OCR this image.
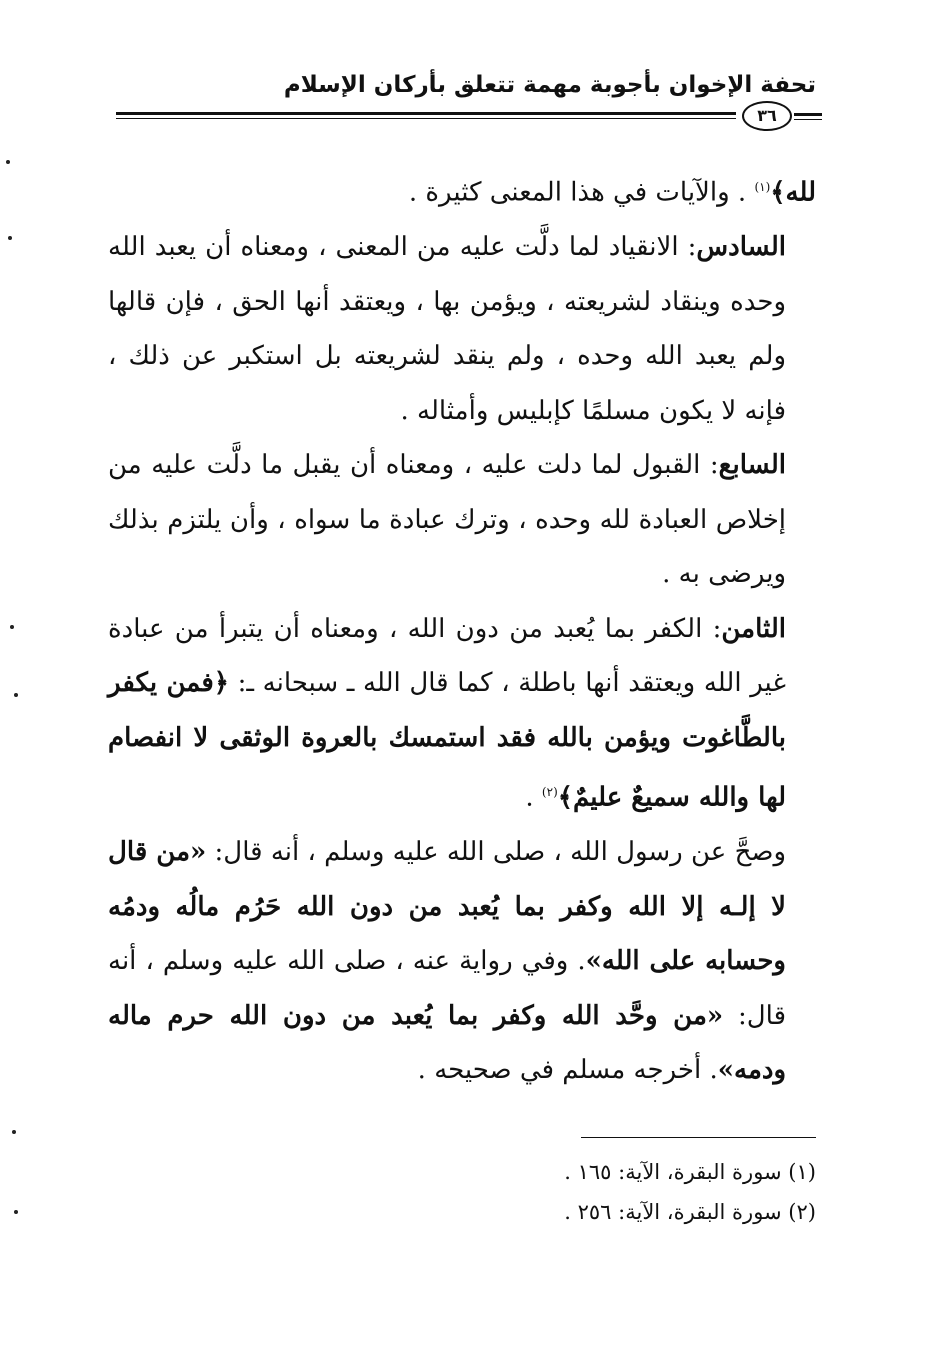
تحفة الإخوان بأجوبة مهمة تتعلق بأركان الإسلام
٣٦

لله﴾$^{(١)}$ . والآيات في هذا المعنى كثيرة .

السادس: الانقياد لما دلَّت عليه من المعنى ، ومعناه أن يعبد الله وحده وينقاد لشريعته ، ويؤمن بها ، ويعتقد أنها الحق ، فإن قالها ولم يعبد الله وحده ، ولم ينقد لشريعته بل استكبر عن ذلك ، فإنه لا يكون مسلمًا كإبليس وأمثاله .

السابع: القبول لما دلت عليه ، ومعناه أن يقبل ما دلَّت عليه من إخلاص العبادة لله وحده ، وترك عبادة ما سواه ، وأن يلتزم بذلك ويرضى به .

الثامن: الكفر بما يُعبد من دون الله ، ومعناه أن يتبرأ من عبادة غير الله ويعتقد أنها باطلة ، كما قال الله ـ سبحانه ـ: ﴿فمن يكفر بالطَّاغوت ويؤمن بالله فقد استمسك بالعروة الوثقى لا انفصام لها والله سميعٌ عليمٌ﴾$^{(٢)}$ .

وصحَّ عن رسول الله ، صلى الله عليه وسلم ، أنه قال: «من قال لا إلـه إلا الله وكفر بما يُعبد من دون الله حَرُم مالُه ودمُه وحسابه على الله». وفي رواية عنه ، صلى الله عليه وسلم ، أنه قال: «من وحَّد الله وكفر بما يُعبد من دون الله حرم ماله ودمه». أخرجه مسلم في صحيحه .

(١) سورة البقرة، الآية: ١٦٥ .
(٢) سورة البقرة، الآية: ٢٥٦ .
